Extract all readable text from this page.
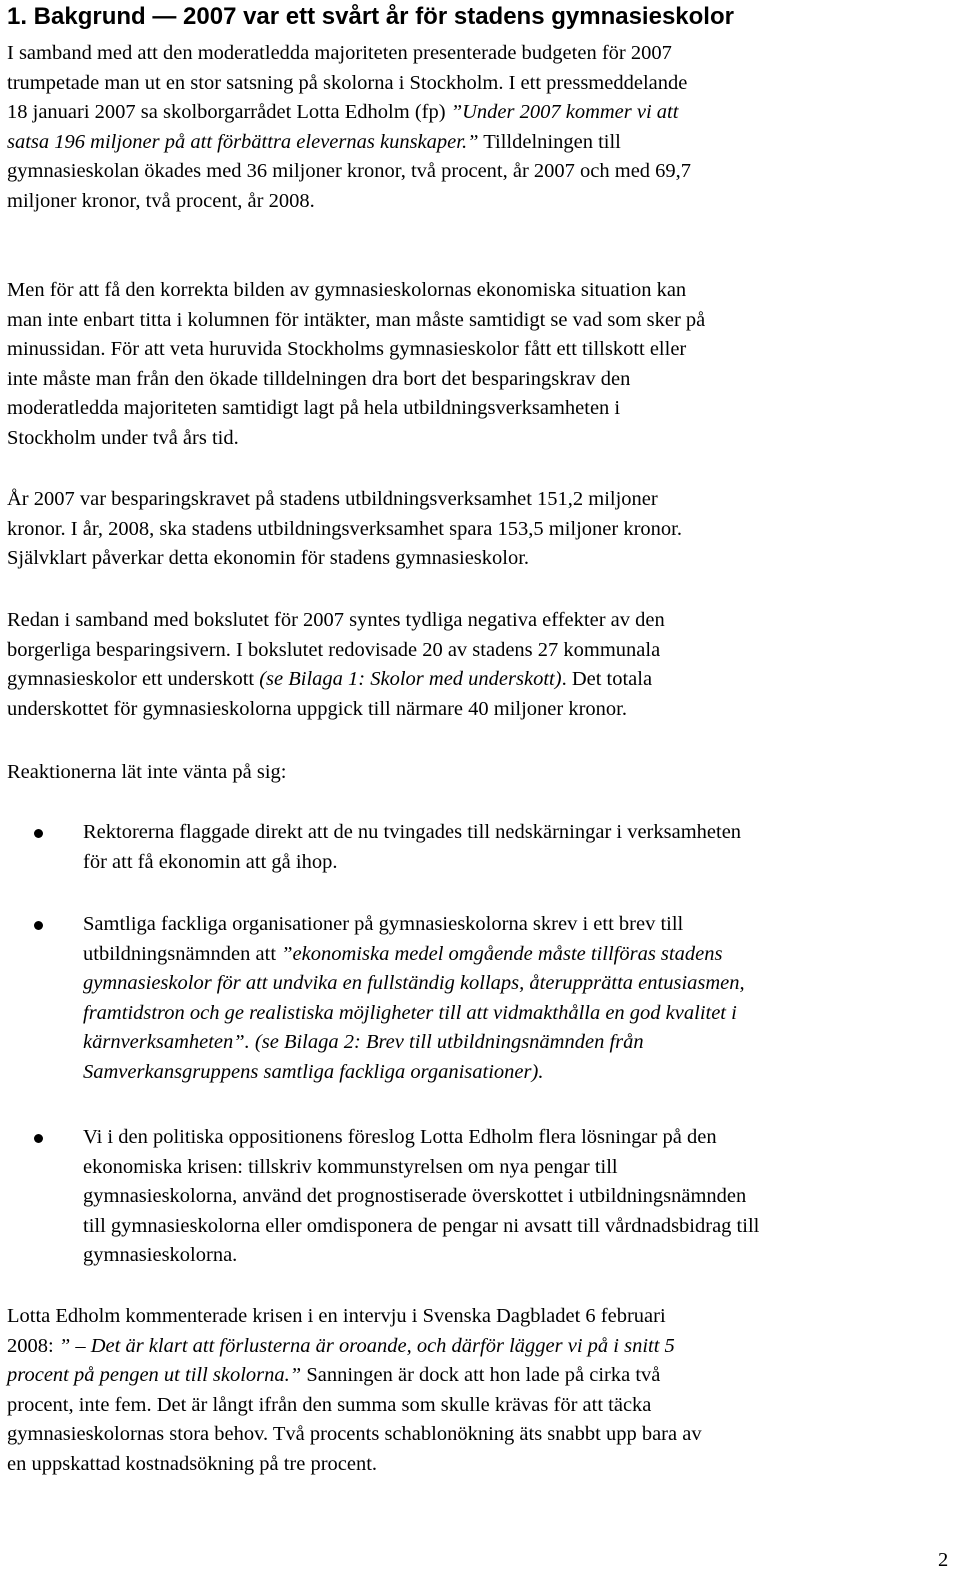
1. Bakgrund — 2007 var ett svårt år för stadens gymnasieskolor

I samband med att den moderatledda majoriteten presenterade budgeten för 2007
trumpetade man ut en stor satsning på skolorna i Stockholm. I ett pressmeddelande
18 januari 2007 sa skolborgarrådet Lotta Edholm (fp) ”Under 2007 kommer vi att
satsa 196 miljoner på att förbättra elevernas kunskaper.” Tilldelningen till
gymnasieskolan ökades med 36 miljoner kronor, två procent, år 2007 och med 69,7
miljoner kronor, två procent, år 2008.

Men för att få den korrekta bilden av gymnasieskolornas ekonomiska situation kan
man inte enbart titta i kolumnen för intäkter, man måste samtidigt se vad som sker på
minussidan. För att veta huruvida Stockholms gymnasieskolor fått ett tillskott eller
inte måste man från den ökade tilldelningen dra bort det besparingskrav den
moderatledda majoriteten samtidigt lagt på hela utbildningsverksamheten i
Stockholm under två års tid.

År 2007 var besparingskravet på stadens utbildningsverksamhet 151,2 miljoner
kronor. I år, 2008, ska stadens utbildningsverksamhet spara 153,5 miljoner kronor.
Självklart påverkar detta ekonomin för stadens gymnasieskolor.

Redan i samband med bokslutet för 2007 syntes tydliga negativa effekter av den
borgerliga besparingsivern. I bokslutet redovisade 20 av stadens 27 kommunala
gymnasieskolor ett underskott (se Bilaga 1: Skolor med underskott). Det totala
underskottet för gymnasieskolorna uppgick till närmare 40 miljoner kronor.

Reaktionerna lät inte vänta på sig:

Rektorerna flaggade direkt att de nu tvingades till nedskärningar i verksamheten
för att få ekonomin att gå ihop.

Samtliga fackliga organisationer på gymnasieskolorna skrev i ett brev till
utbildningsnämnden att ”ekonomiska medel omgående måste tillföras stadens
gymnasieskolor för att undvika en fullständig kollaps, återupprätta entusiasmen,
framtidstron och ge realistiska möjligheter till att vidmakthålla en god kvalitet i
kärnverksamheten”. (se Bilaga 2: Brev till utbildningsnämnden från
Samverkansgruppens samtliga fackliga organisationer).

Vi i den politiska oppositionens föreslog Lotta Edholm flera lösningar på den
ekonomiska krisen: tillskriv kommunstyrelsen om nya pengar till
gymnasieskolorna, använd det prognostiserade överskottet i utbildningsnämnden
till gymnasieskolorna eller omdisponera de pengar ni avsatt till vårdnadsbidrag till
gymnasieskolorna.

Lotta Edholm kommenterade krisen i en intervju i Svenska Dagbladet 6 februari
2008: ” – Det är klart att förlusterna är oroande, och därför lägger vi på i snitt 5
procent på pengen ut till skolorna.” Sanningen är dock att hon lade på cirka två
procent, inte fem. Det är långt ifrån den summa som skulle krävas för att täcka
gymnasieskolornas stora behov. Två procents schablonökning äts snabbt upp bara av
en uppskattad kostnadsökning på tre procent.

2
